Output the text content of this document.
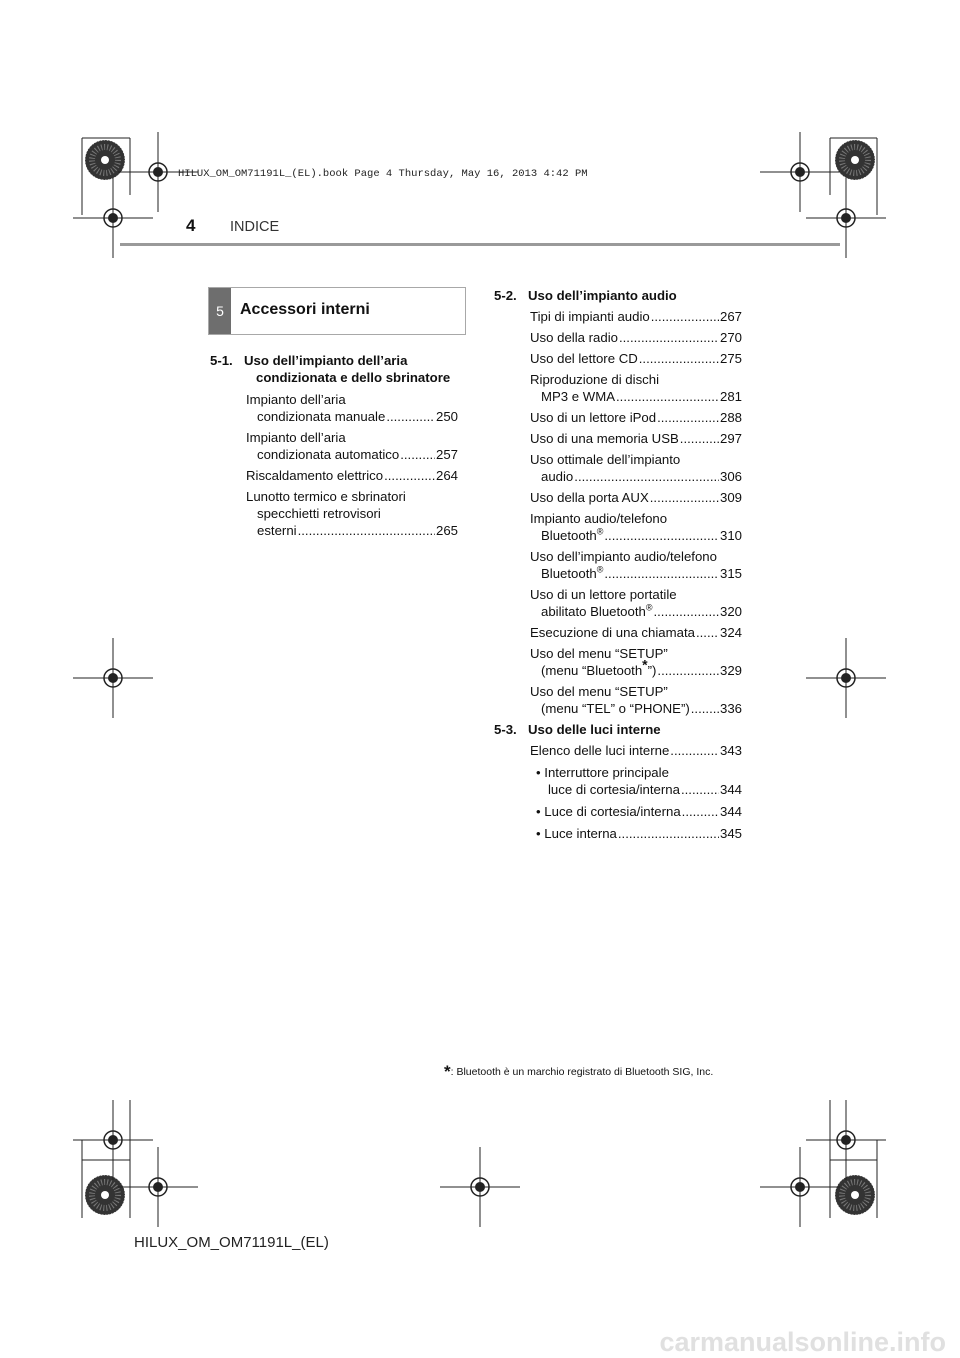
HILUX_OM_OM71191L_(EL).book Page 4 Thursday, May 16, 2013 4:42 PM
4 INDICE
5	Accessori interni
5-1. Uso dell’impianto dell’aria
condizionata e dello sbrinatore
Impianto dell’aria
condizionata manuale .....	250
Impianto dell’aria
condizionata automatico .....	257
Riscaldamento elettrico .....	264
Lunotto termico e sbrinatori
specchietti retrovisori
esterni .....	265
5-2. Uso dell’impianto audio
Tipi di impianti audio .....	267
Uso della radio .....	270
Uso del lettore CD .....	275
Riproduzione di dischi
MP3 e WMA .....	281
Uso di un lettore iPod .....	288
Uso di una memoria USB .....	297
Uso ottimale dell’impianto
audio .....	306
Uso della porta AUX .....	309
Impianto audio/telefono
Bluetooth® .....	310
Uso dell’impianto audio/telefono
Bluetooth® .....	315
Uso di un lettore portatile
abilitato Bluetooth® .....	320
Esecuzione di una chiamata ..... 324
Uso del menu “SETUP”
(menu “Bluetooth*”) .....	329
Uso del menu “SETUP”
(menu “TEL” o “PHONE”) ..... 336
5-3. Uso delle luci interne
Elenco delle luci interne .....	343
• Interruttore principale
luce di cortesia/interna .....	344
• Luce di cortesia/interna .....	344
• Luce interna .....	345
*: Bluetooth è un marchio registrato di Bluetooth SIG, Inc.
HILUX_OM_OM71191L_(EL)
carmanualsonline.info
